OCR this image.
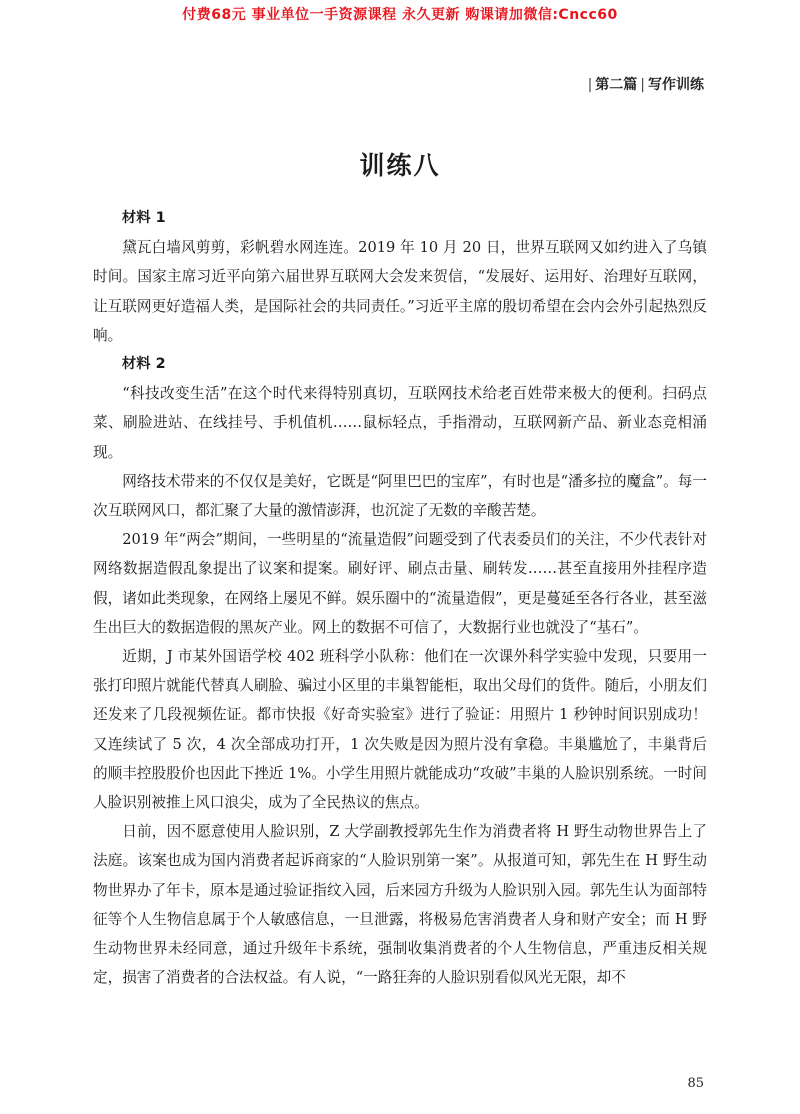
付费68元 事业单位一手资源课程 永久更新 购课请加微信:Cncc60
| 第二篇 | 写作训练
训练八

材料 1

黛瓦白墙风剪剪，彩帆碧水网连连。2019 年 10 月 20 日，世界互联网又如约进入了乌镇时间。国家主席习近平向第六届世界互联网大会发来贺信，“发展好、运用好、治理好互联网，让互联网更好造福人类，是国际社会的共同责任。”习近平主席的殷切希望在会内会外引起热烈反响。

材料 2

“科技改变生活”在这个时代来得特别真切，互联网技术给老百姓带来极大的便利。扫码点菜、刷脸进站、在线挂号、手机值机……鼠标轻点，手指滑动，互联网新产品、新业态竞相涌现。

网络技术带来的不仅仅是美好，它既是“阿里巴巴的宝库”，有时也是“潘多拉的魔盒”。每一次互联网风口，都汇聚了大量的激情澎湃，也沉淀了无数的辛酸苦楚。

2019 年“两会”期间，一些明星的“流量造假”问题受到了代表委员们的关注，不少代表针对网络数据造假乱象提出了议案和提案。刷好评、刷点击量、刷转发……甚至直接用外挂程序造假，诸如此类现象，在网络上屡见不鲜。娱乐圈中的“流量造假”，更是蔓延至各行各业，甚至滋生出巨大的数据造假的黑灰产业。网上的数据不可信了，大数据行业也就没了“基石”。

近期，J 市某外国语学校 402 班科学小队称：他们在一次课外科学实验中发现，只要用一张打印照片就能代替真人刷脸、骗过小区里的丰巢智能柜，取出父母们的货件。随后，小朋友们还发来了几段视频佐证。都市快报《好奇实验室》进行了验证：用照片 1 秒钟时间识别成功！又连续试了 5 次，4 次全部成功打开，1 次失败是因为照片没有拿稳。丰巢尴尬了，丰巢背后的顺丰控股股价也因此下挫近 1%。小学生用照片就能成功“攻破”丰巢的人脸识别系统。一时间人脸识别被推上风口浪尖，成为了全民热议的焦点。

日前，因不愿意使用人脸识别，Z 大学副教授郭先生作为消费者将 H 野生动物世界告上了法庭。该案也成为国内消费者起诉商家的“人脸识别第一案”。从报道可知，郭先生在 H 野生动物世界办了年卡，原本是通过验证指纹入园，后来园方升级为人脸识别入园。郭先生认为面部特征等个人生物信息属于个人敏感信息，一旦泄露，将极易危害消费者人身和财产安全；而 H 野生动物世界未经同意，通过升级年卡系统，强制收集消费者的个人生物信息，严重违反相关规定，损害了消费者的合法权益。有人说，“一路狂奔的人脸识别看似风光无限，却不

85
